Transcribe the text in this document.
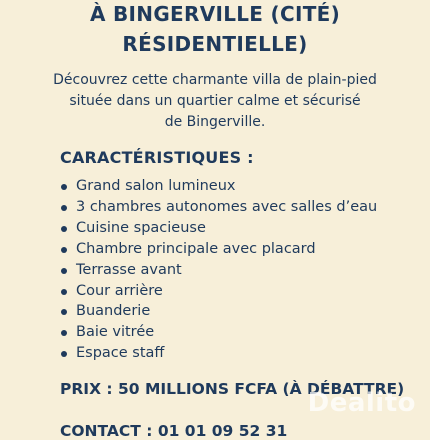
À BINGERVILLE (CITÉ)
RÉSIDENTIELLE)
Découvrez cette charmante villa de plain-pied
située dans un quartier calme et sécurisé
de Bingerville.
CARACTÉRISTIQUES :
Grand salon lumineux
3 chambres autonomes avec salles d’eau
Cuisine spacieuse
Chambre principale avec placard
Terrasse avant
Cour arrière
Buanderie
Baie vitrée
Espace staff
PRIX : 50 MILLIONS FCFA (À DÉBATTRE)
CONTACT : 01 01 09 52 31
Dealito
